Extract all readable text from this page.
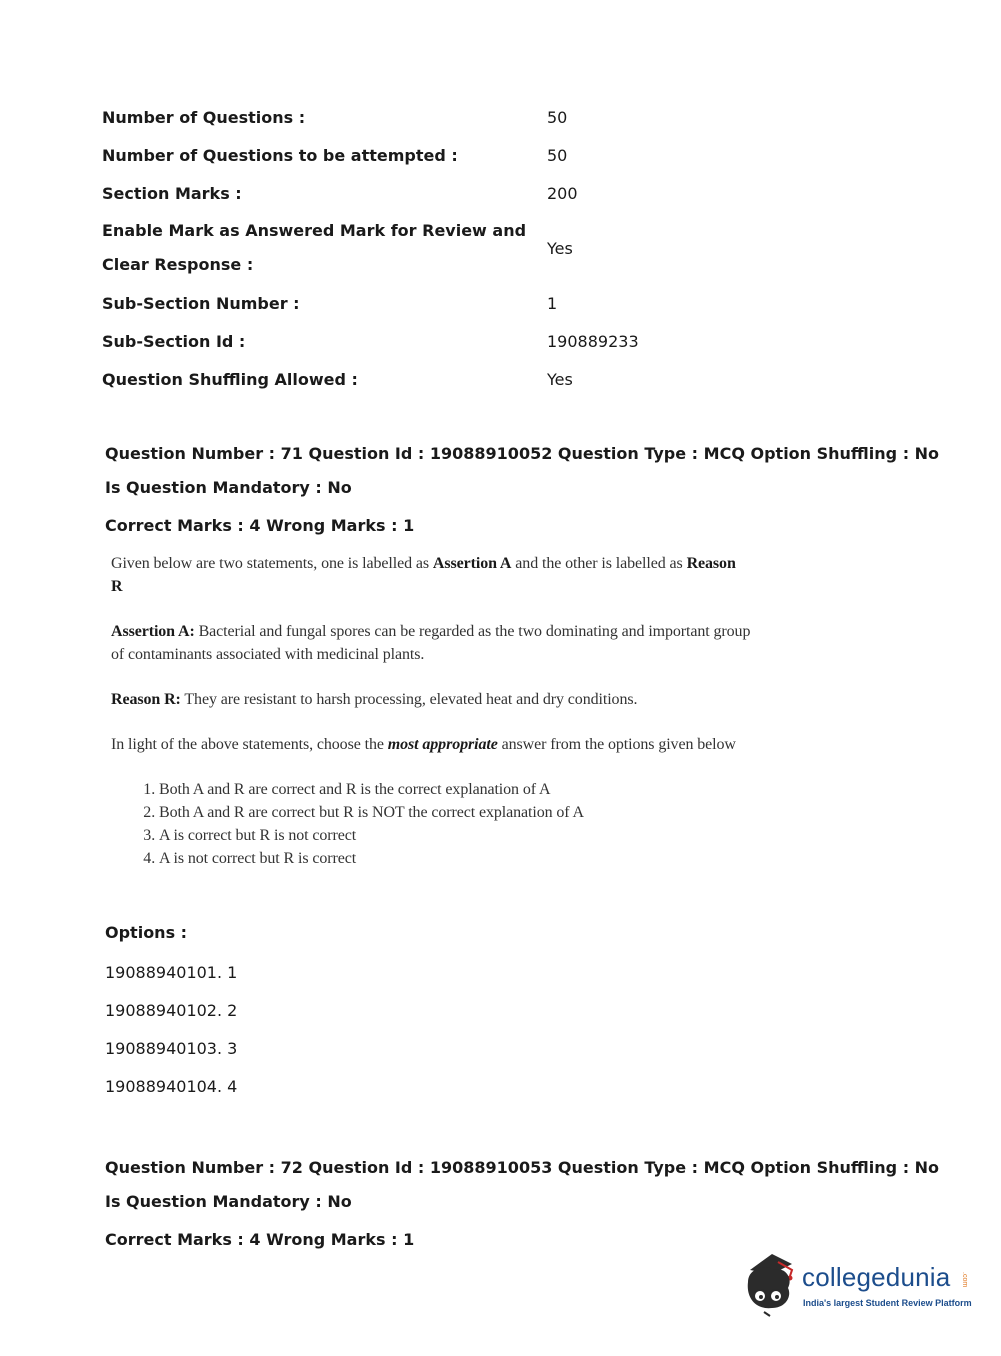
Number of Questions :	50
Number of Questions to be attempted :	50
Section Marks :	200
Enable Mark as Answered Mark for Review and Clear Response :
Yes
Sub-Section Number :	1
Sub-Section Id :	190889233
Question Shuffling Allowed :	Yes
Question Number : 71 Question Id : 19088910052 Question Type : MCQ Option Shuffling : No
Is Question Mandatory : No
Correct Marks : 4 Wrong Marks : 1

Given below are two statements, one is labelled as Assertion A and the other is labelled as Reason R

Assertion A: Bacterial and fungal spores can be regarded as the two dominating and important group of contaminants associated with medicinal plants.

Reason R: They are resistant to harsh processing, elevated heat and dry conditions.

In light of the above statements, choose the most appropriate answer from the options given below

1. Both A and R are correct and R is the correct explanation of A
2. Both A and R are correct but R is NOT the correct explanation of A
3. A is correct but R is not correct
4. A is not correct but R is correct
Options :
19088940101. 1
19088940102. 2
19088940103. 3
19088940104. 4
Question Number : 72 Question Id : 19088910053 Question Type : MCQ Option Shuffling : No
Is Question Mandatory : No
Correct Marks : 4 Wrong Marks : 1
collegedunia .com
India's largest Student Review Platform
